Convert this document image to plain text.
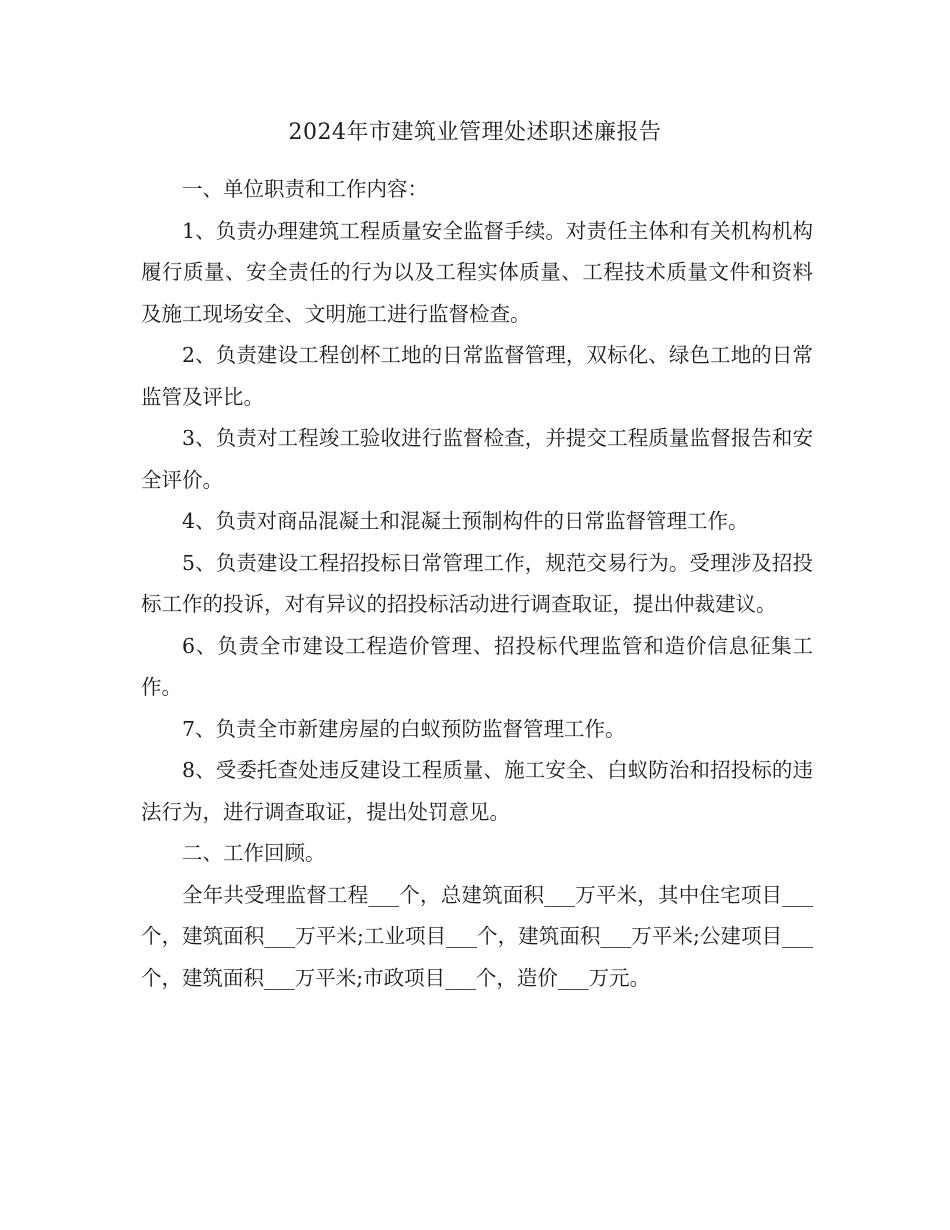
2024年市建筑业管理处述职述廉报告

一、单位职责和工作内容：

1、负责办理建筑工程质量安全监督手续。对责任主体和有关机构机构履行质量、安全责任的行为以及工程实体质量、工程技术质量文件和资料及施工现场安全、文明施工进行监督检查。

2、负责建设工程创杯工地的日常监督管理，双标化、绿色工地的日常监管及评比。

3、负责对工程竣工验收进行监督检查，并提交工程质量监督报告和安全评价。

4、负责对商品混凝土和混凝土预制构件的日常监督管理工作。

5、负责建设工程招投标日常管理工作，规范交易行为。受理涉及招投标工作的投诉，对有异议的招投标活动进行调查取证，提出仲裁建议。

6、负责全市建设工程造价管理、招投标代理监管和造价信息征集工作。

7、负责全市新建房屋的白蚁预防监督管理工作。

8、受委托查处违反建设工程质量、施工安全、白蚁防治和招投标的违法行为，进行调查取证，提出处罚意见。

二、工作回顾。

全年共受理监督工程___个，总建筑面积___万平米，其中住宅项目___个，建筑面积___万平米;工业项目___个，建筑面积___万平米;公建项目___个，建筑面积___万平米;市政项目___个，造价___万元。
